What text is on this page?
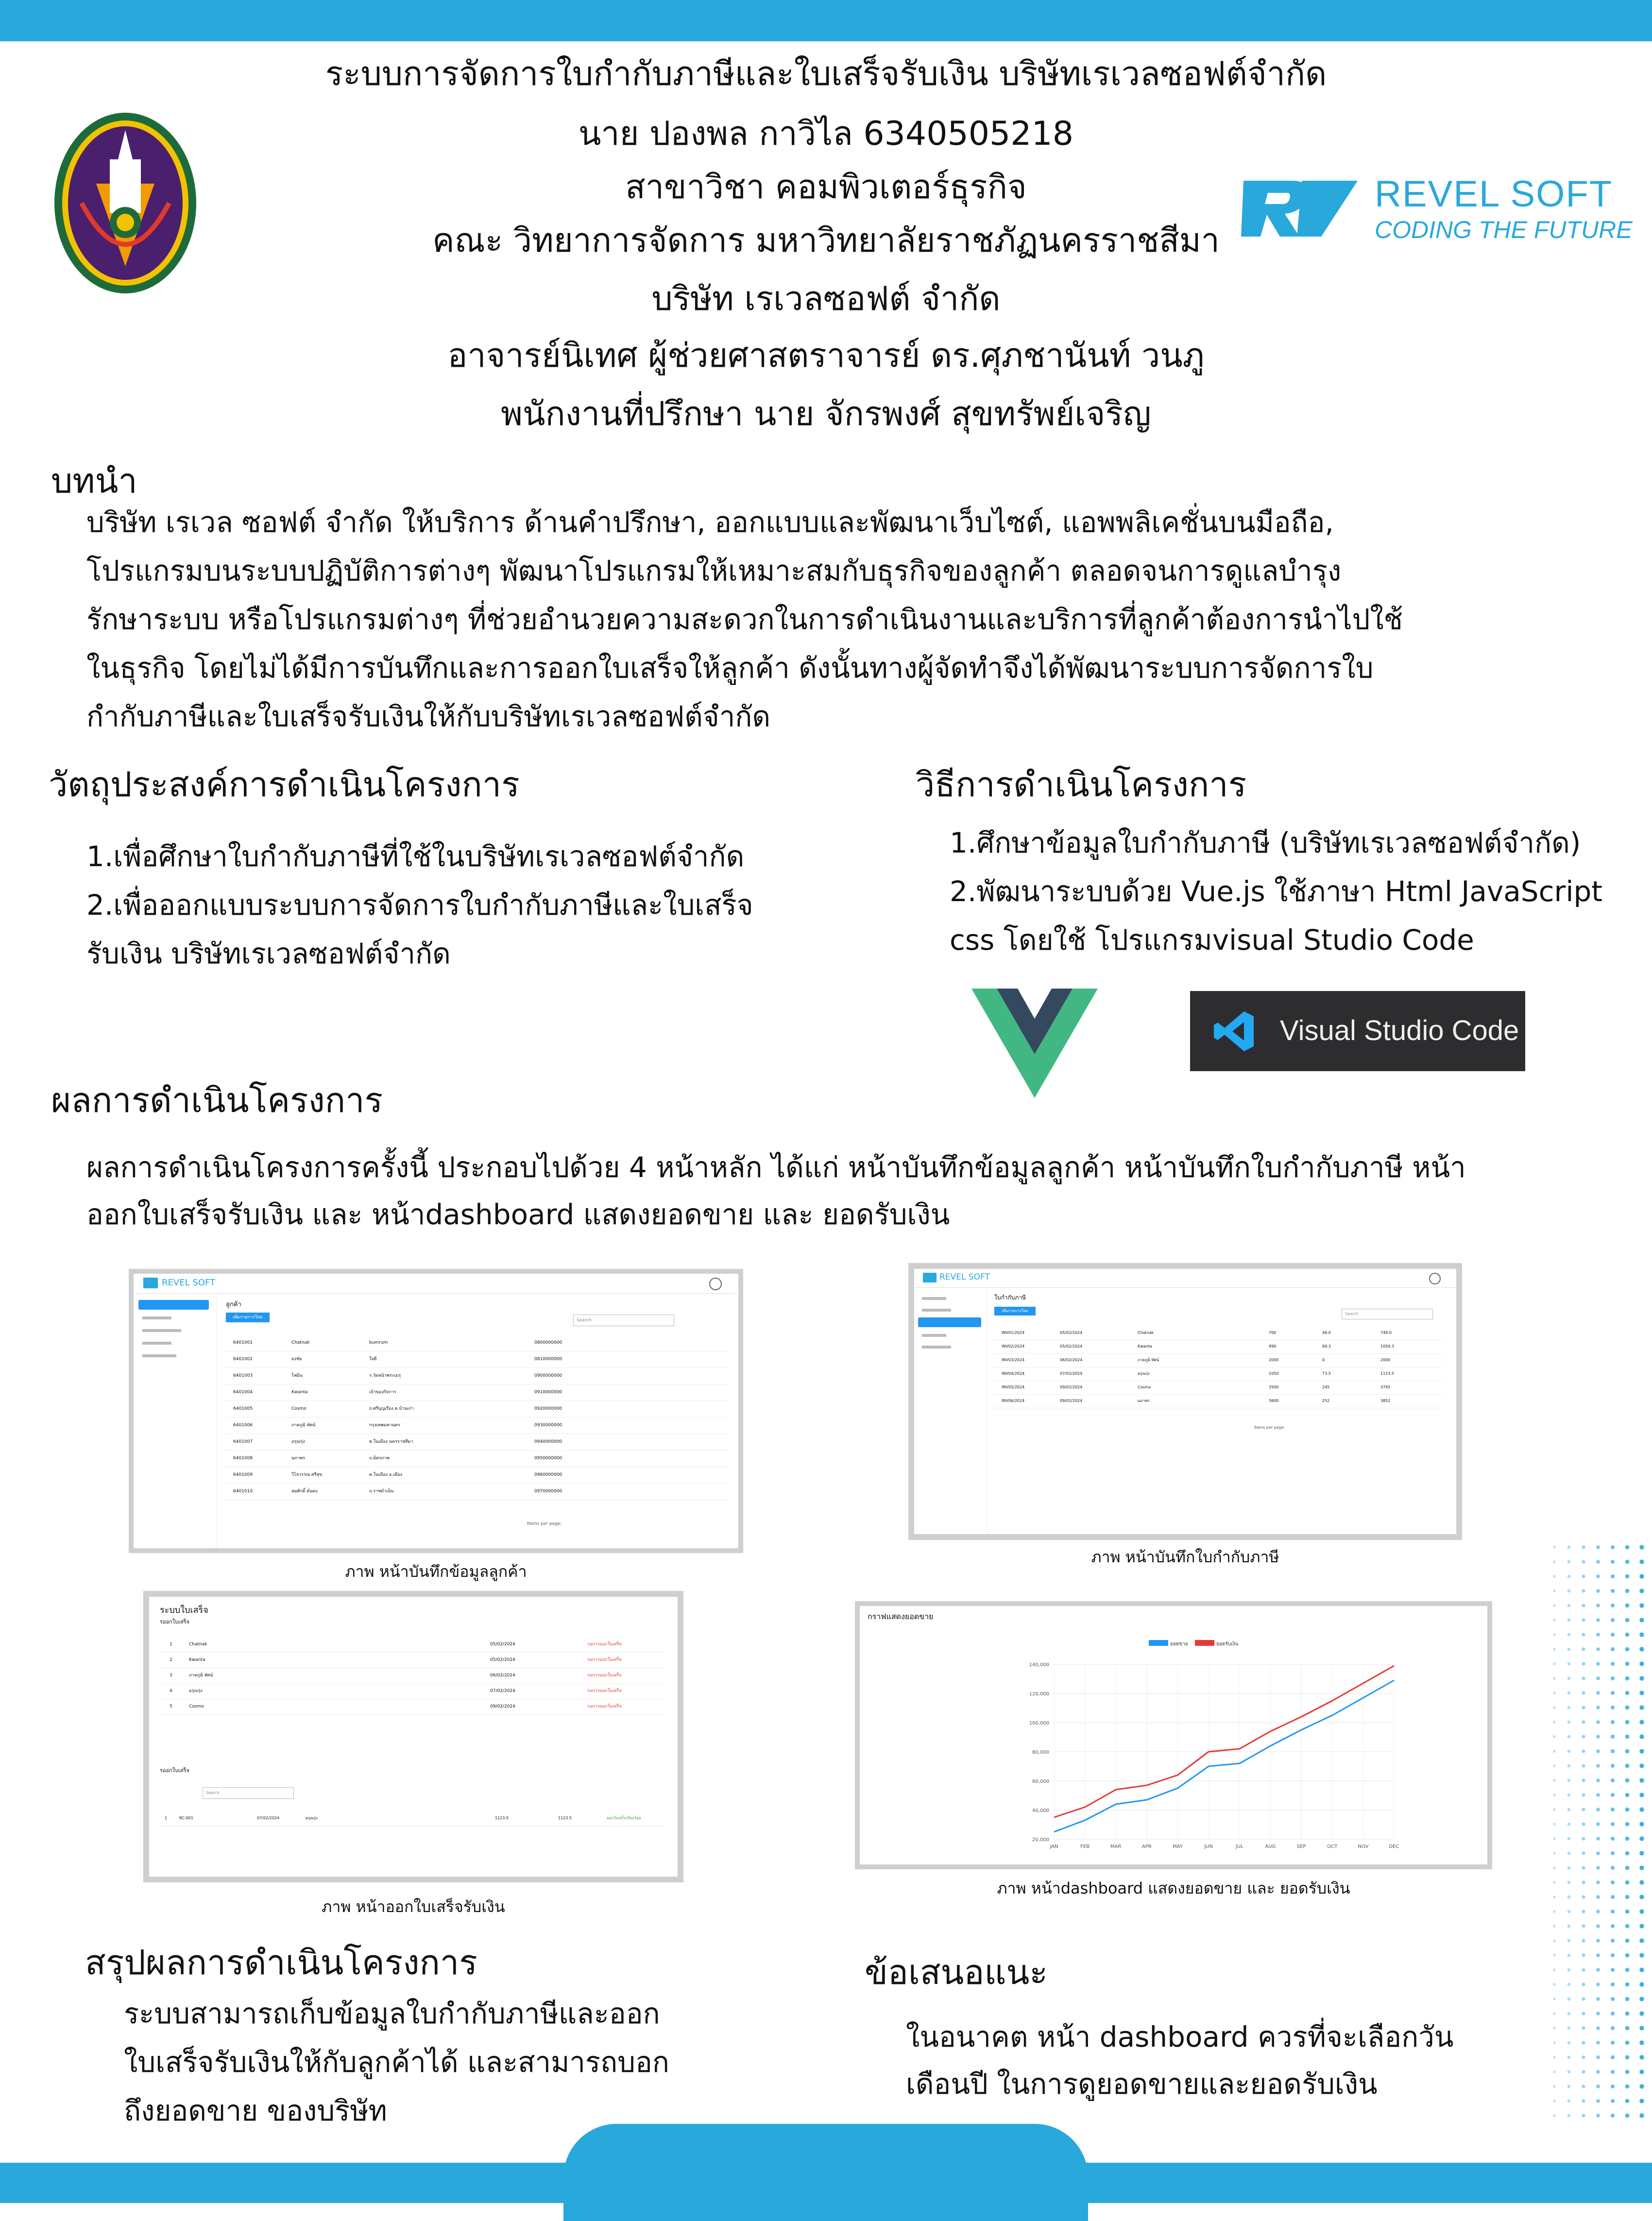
ระบบการจัดการใบกำกับภาษีและใบเสร็จรับเงิน บริษัทเรเวลซอฟต์จำกัด
นาย ปองพล กาวิไล 6340505218
สาขาวิชา คอมพิวเตอร์ธุรกิจ
คณะ วิทยาการจัดการ มหาวิทยาลัยราชภัฏนครราชสีมา
บริษัท เรเวลซอฟต์ จำกัด
อาจารย์นิเทศ ผู้ช่วยศาสตราจารย์ ดร.ศุภชานันท์ วนภู
พนักงานที่ปรึกษา นาย จักรพงศ์ สุขทรัพย์เจริญ
REVEL SOFT
CODING THE FUTURE
บทนำ
บริษัท เรเวล ซอฟต์ จำกัด ให้บริการ ด้านคำปรึกษา, ออกแบบและพัฒนาเว็บไซต์, แอพพลิเคชั่นบนมือถือ,
โปรแกรมบนระบบปฏิบัติการต่างๆ พัฒนาโปรแกรมให้เหมาะสมกับธุรกิจของลูกค้า ตลอดจนการดูแลบำรุง
รักษาระบบ หรือโปรแกรมต่างๆ ที่ช่วยอำนวยความสะดวกในการดำเนินงานและบริการที่ลูกค้าต้องการนำไปใช้
ในธุรกิจ โดยไม่ได้มีการบันทึกและการออกใบเสร็จให้ลูกค้า ดังนั้นทางผู้จัดทำจึงได้พัฒนาระบบการจัดการใบ
กำกับภาษีและใบเสร็จรับเงินให้กับบริษัทเรเวลซอฟต์จำกัด
วัตถุประสงค์การดำเนินโครงการ
1.เพื่อศึกษาใบกำกับภาษีที่ใช้ในบริษัทเรเวลซอฟต์จำกัด
2.เพื่อออกแบบระบบการจัดการใบกำกับภาษีและใบเสร็จ
รับเงิน บริษัทเรเวลซอฟต์จำกัด
วิธีการดำเนินโครงการ
1.ศึกษาข้อมูลใบกำกับภาษี (บริษัทเรเวลซอฟต์จำกัด)
2.พัฒนาระบบด้วย Vue.js ใช้ภาษา Html JavaScript
css โดยใช้ โปรแกรมvisual Studio Code
Visual Studio Code
ผลการดำเนินโครงการ
ผลการดำเนินโครงการครั้งนี้ ประกอบไปด้วย 4 หน้าหลัก ได้แก่ หน้าบันทึกข้อมูลลูกค้า หน้าบันทึกใบกำกับภาษี หน้า
ออกใบเสร็จรับเงิน และ หน้าdashboard แสดงยอดขาย และ ยอดรับเงิน
REVEL SOFT
ลูกค้า
เพิ่มรายการใหม่
Search
6401001	Chatnak	bumrum	0800000000
6401002	ธงชัย	ใจดี	0810000000
6401003	โฟอิน	ร.วัดหน้าพระเมรุ	0900000000
6401004	Kwanta	เจ้าของกิจการ	0910000000
6401005	Cosmo	ถ.ศรีบุญเรือง ต.บ้านเก่า	0920000000
6401006	ภาคภูมิ ทัศน์	กรุงเทพมหานคร	0930000000
6401007	อรุณรุ่ง	ต.ในเมือง นครราชสีมา	0940000000
6401008	นภาพร	ถ.มิตรภาพ	0950000000
6401009	วิไลวรรณ ศรีสุข	ต.ในเมือง อ.เมือง	0960000000
6401010	สมศักดิ์ มั่นคง	ถ.ราชดำเนิน	0970000000
Items per page:
ภาพ หน้าบันทึกข้อมูลลูกค้า
REVEL SOFT
ใบกำกับภาษี
เพิ่มรายการใหม่
Search
INV01/2024	05/02/2024	Chatnak	700	49.0	749.0
INV02/2024	05/02/2024	Kwanta	990	69.3	1059.3
INV03/2024	06/02/2024	ภาคภูมิ ทัศน์	2000	0	2000
INV04/2024	07/02/2024	อรุณรุ่ง	1050	73.5	1123.5
INV05/2024	09/02/2024	Cosmo	3500	245	3745
INV06/2024	09/02/2024	นภาพร	3600	252	3852
Items per page:
ภาพ หน้าบันทึกใบกำกับภาษี
ระบบใบเสร็จ
รออกใบเสร็จ
1	Chatnak	05/02/2024	รอการออกใบเสร็จ
2	Kwanta	05/02/2024	รอการออกใบเสร็จ
3	ภาคภูมิ ทัศน์	06/02/2024	รอการออกใบเสร็จ
4	อรุณรุ่ง	07/02/2024	รอการออกใบเสร็จ
5	Cosmo	09/02/2024	รอการออกใบเสร็จ
รออกใบเสร็จ
Search
1	RC-001	07/02/2024	อรุณรุ่ง	1123.5	1123.5	ออกใบเสร็จเรียบร้อย
ภาพ หน้าออกใบเสร็จรับเงิน
กราฟแสดงยอดขาย
140,000
120,000
100,000
80,000
60,000
40,000
20,000
JAN	FEB	MAR	APR	MAY	JUN	JUL	AUG	SEP	OCT	NOV	DEC
ยอดขาย	ยอดรับเงิน
ภาพ หน้าdashboard แสดงยอดขาย และ ยอดรับเงิน
สรุปผลการดำเนินโครงการ
ระบบสามารถเก็บข้อมูลใบกำกับภาษีและออก
ใบเสร็จรับเงินให้กับลูกค้าได้ และสามารถบอก
ถึงยอดขาย ของบริษัท
ข้อเสนอแนะ
ในอนาคต หน้า dashboard ควรที่จะเลือกวัน
เดือนปี ในการดูยอดขายและยอดรับเงิน
